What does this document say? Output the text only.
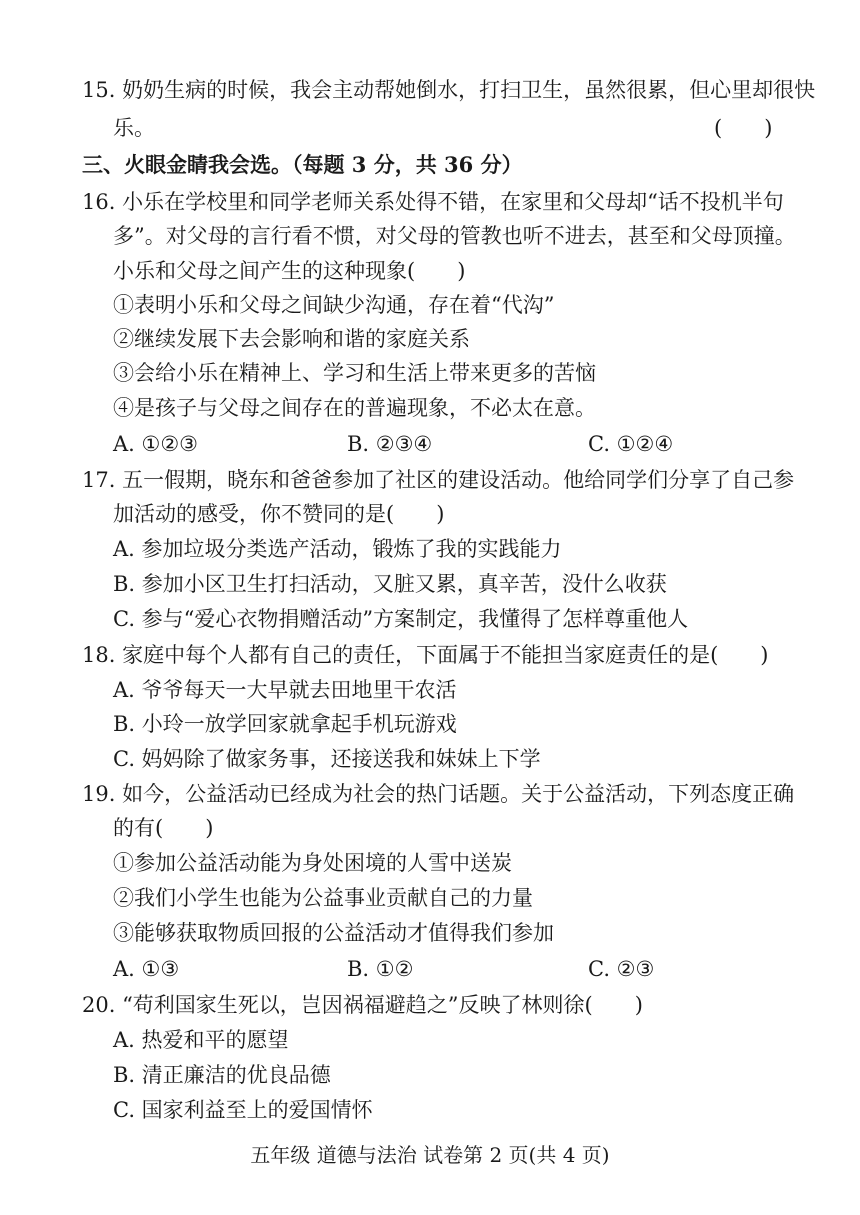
15. 奶奶生病的时候，我会主动帮她倒水，打扫卫生，虽然很累，但心里却很快
乐。	(　　)
三、火眼金睛我会选。（每题 3 分，共 36 分）
16. 小乐在学校里和同学老师关系处得不错，在家里和父母却“话不投机半句
多”。对父母的言行看不惯，对父母的管教也听不进去，甚至和父母顶撞。
小乐和父母之间产生的这种现象(　　)
①表明小乐和父母之间缺少沟通，存在着“代沟”
②继续发展下去会影响和谐的家庭关系
③会给小乐在精神上、学习和生活上带来更多的苦恼
④是孩子与父母之间存在的普遍现象，不必太在意。
A. ①②③	B. ②③④	C. ①②④
17. 五一假期，晓东和爸爸参加了社区的建设活动。他给同学们分享了自己参
加活动的感受，你不赞同的是(　　)
A. 参加垃圾分类选产活动，锻炼了我的实践能力
B. 参加小区卫生打扫活动，又脏又累，真辛苦，没什么收获
C. 参与“爱心衣物捐赠活动”方案制定，我懂得了怎样尊重他人
18. 家庭中每个人都有自己的责任，下面属于不能担当家庭责任的是(　　)
A. 爷爷每天一大早就去田地里干农活
B. 小玲一放学回家就拿起手机玩游戏
C. 妈妈除了做家务事，还接送我和妹妹上下学
19. 如今，公益活动已经成为社会的热门话题。关于公益活动，下列态度正确
的有(　　)
①参加公益活动能为身处困境的人雪中送炭
②我们小学生也能为公益事业贡献自己的力量
③能够获取物质回报的公益活动才值得我们参加
A. ①③	B. ①②	C. ②③
20. “苟利国家生死以，岂因祸福避趋之”反映了林则徐(　　)
A. 热爱和平的愿望
B. 清正廉洁的优良品德
C. 国家利益至上的爱国情怀
五年级 道德与法治 试卷第 2 页(共 4 页)
